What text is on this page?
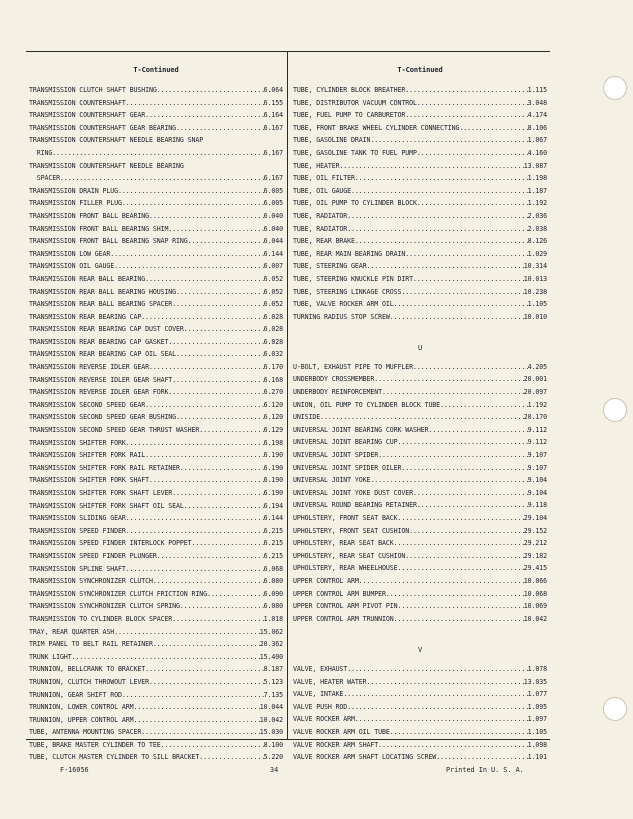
T-Continued
TRANSMISSION CLUTCH SHAFT BUSHING .....	6.064
TRANSMISSION COUNTERSHAFT .....	6.155
TRANSMISSION COUNTERSHAFT GEAR .....	6.164
TRANSMISSION COUNTERSHAFT GEAR BEARING .....	6.167
TRANSMISSION COUNTERSHAFT NEEDLE BEARING SNAP
RING .....	6.167
TRANSMISSION COUNTERSHAFT NEEDLE BEARING
SPACER .....	6.167
TRANSMISSION DRAIN PLUG .....	6.005
TRANSMISSION FILLER PLUG .....	6.005
TRANSMISSION FRONT BALL BEARING .....	6.040
TRANSMISSION FRONT BALL BEARING SHIM .....	6.040
TRANSMISSION FRONT BALL BEARING SNAP RING .....	6.044
TRANSMISSION LOW GEAR .....	6.144
TRANSMISSION OIL GAUGE .....	6.007
TRANSMISSION REAR BALL BEARING .....	6.052
TRANSMISSION REAR BALL BEARING HOUSING .....	6.052
TRANSMISSION REAR BALL BEARING SPACER .....	6.052
TRANSMISSION REAR BEARING CAP .....	6.028
TRANSMISSION REAR BEARING CAP DUST COVER .....	6.028
TRANSMISSION REAR BEARING CAP GASKET .....	6.028
TRANSMISSION REAR BEARING CAP OIL SEAL .....	6.032
TRANSMISSION REVERSE IDLER GEAR .....	6.170
TRANSMISSION REVERSE IDLER GEAR SHAFT .....	6.168
TRANSMISSION REVERSE IDLER GEAR FORK .....	6.270
TRANSMISSION SECOND SPEED GEAR .....	6.120
TRANSMISSION SECOND SPEED GEAR BUSHING .....	6.120
TRANSMISSION SECOND SPEED GEAR THRUST WASHER .....	6.129
TRANSMISSION SHIFTER FORK .....	6.198
TRANSMISSION SHIFTER FORK RAIL .....	6.190
TRANSMISSION SHIFTER FORK RAIL RETAINER .....	6.190
TRANSMISSION SHIFTER FORK SHAFT .....	6.190
TRANSMISSION SHIFTER FORK SHAFT LEVER .....	6.190
TRANSMISSION SHIFTER FORK SHAFT OIL SEAL .....	6.194
TRANSMISSION SLIDING GEAR .....	6.144
TRANSMISSION SPEED FINDER .....	6.215
TRANSMISSION SPEED FINDER INTERLOCK POPPET .....	6.215
TRANSMISSION SPEED FINDER PLUNGER .....	6.215
TRANSMISSION SPLINE SHAFT .....	6.068
TRANSMISSION SYNCHRONIZER CLUTCH .....	6.080
TRANSMISSION SYNCHRONIZER CLUTCH FRICTION RING .....	6.090
TRANSMISSION SYNCHRONIZER CLUTCH SPRING .....	6.080
TRANSMISSION TO CYLINDER BLOCK SPACER .....	1.018
TRAY, REAR QUARTER ASH .....	15.062
TRIM PANEL TO BELT RAIL RETAINER .....	20.362
TRUNK LIGHT .....	15.400
TRUNNION, BELLCRANK TO BRACKET .....	8.187
TRUNNION, CLUTCH THROWOUT LEVER .....	5.123
TRUNNION, GEAR SHIFT ROD .....	7.135
TRUNNION, LOWER CONTROL ARM .....	10.044
TRUNNION, UPPER CONTROL ARM .....	10.042
TUBE, ANTENNA MOUNTING SPACER .....	15.030
TUBE, BRAKE MASTER CYLINDER TO TEE .....	8.100
TUBE, CLUTCH MASTER CYLINDER TO SILL BRACKET .....	5.220
T-Continued
TUBE, CYLINDER BLOCK BREATHER .....	1.115
TUBE, DISTRIBUTOR VACUUM CONTROL .....	3.048
TUBE, FUEL PUMP TO CARBURETOR .....	4.174
TUBE, FRONT BRAKE WHEEL CYLINDER CONNECTING .....	8.106
TUBE, GASOLINE DRAIN .....	1.067
TUBE, GASOLINE TANK TO FUEL PUMP .....	4.160
TUBE, HEATER .....	13.087
TUBE, OIL FILTER .....	1.198
TUBE, OIL GAUGE .....	1.187
TUBE, OIL PUMP TO CYLINDER BLOCK .....	1.192
TUBE, RADIATOR .....	2.036
TUBE, RADIATOR .....	2.038
TUBE, REAR BRAKE .....	8.126
TUBE, REAR MAIN BEARING DRAIN .....	1.029
TUBE, STEERING GEAR .....	10.314
TUBE, STEERING KNUCKLE PIN DIRT .....	10.013
TUBE, STEERING LINKAGE CROSS .....	10.238
TUBE, VALVE ROCKER ARM OIL .....	1.105
TURNING RADIUS STOP SCREW .....	10.010
U
U-BOLT, EXHAUST PIPE TO MUFFLER .....	4.205
UNDERBODY CROSSMEMBER .....	20.001
UNDERBODY REINFORCEMENT .....	20.097
UNION, OIL PUMP TO CYLINDER BLOCK TUBE .....	1.192
UNISIDE .....	20.170
UNIVERSAL JOINT BEARING CORK WASHER .....	9.112
UNIVERSAL JOINT BEARING CUP .....	9.112
UNIVERSAL JOINT SPIDER .....	9.107
UNIVERSAL JOINT SPIDER OILER .....	9.107
UNIVERSAL JOINT YOKE .....	9.104
UNIVERSAL JOINT YOKE DUST COVER .....	9.104
UNIVERSAL ROUND BEARING RETAINER .....	9.118
UPHOLSTERY, FRONT SEAT BACK .....	29.104
UPHOLSTERY, FRONT SEAT CUSHION .....	29.152
UPHOLSTERY, REAR SEAT BACK .....	29.212
UPHOLSTERY, REAR SEAT CUSHION .....	29.182
UPHOLSTERY, REAR WHEELHOUSE .....	29.415
UPPER CONTROL ARM .....	10.066
UPPER CONTROL ARM BUMPER .....	10.068
UPPER CONTROL ARM PIVOT PIN .....	10.069
UPPER CONTROL ARM TRUNNION .....	10.042
V
VALVE, EXHAUST .....	1.078
VALVE, HEATER WATER .....	13.035
VALVE, INTAKE .....	1.077
VALVE PUSH ROD .....	1.095
VALVE ROCKER ARM .....	1.097
VALVE ROCKER ARM OIL TUBE .....	1.105
VALVE ROCKER ARM SHAFT .....	1.098
VALVE ROCKER ARM SHAFT LOCATING SCREW .....	1.101
F-16056	34	Printed In U. S. A.
